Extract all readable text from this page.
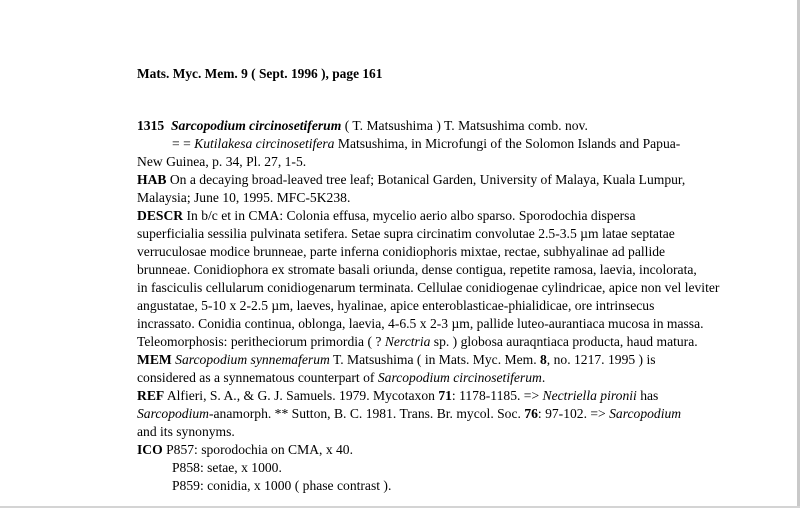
Mats. Myc. Mem. 9 ( Sept. 1996 ), page 161
1315 Sarcopodium circinosetiferum ( T. Matsushima ) T. Matsushima comb. nov.
= = Kutilakesa circinosetifera Matsushima, in Microfungi of the Solomon Islands and Papua-
New Guinea, p. 34, Pl. 27, 1-5.
HAB On a decaying broad-leaved tree leaf; Botanical Garden, University of Malaya, Kuala Lumpur,
Malaysia; June 10, 1995. MFC-5K238.
DESCR In b/c et in CMA: Colonia effusa, mycelio aerio albo sparso. Sporodochia dispersa
superficialia sessilia pulvinata setifera. Setae supra circinatim convolutae 2.5-3.5 µm latae septatae
verruculosae modice brunneae, parte inferna conidiophoris mixtae, rectae, subhyalinae ad pallide
brunneae. Conidiophora ex stromate basali oriunda, dense contigua, repetite ramosa, laevia, incolorata,
in fasciculis cellularum conidiogenarum terminata. Cellulae conidiogenae cylindricae, apice non vel leviter
angustatae, 5-10 x 2-2.5 µm, laeves, hyalinae, apice enteroblasticae-phialidicae, ore intrinsecus
incrassato. Conidia continua, oblonga, laevia, 4-6.5 x 2-3 µm, pallide luteo-aurantiaca mucosa in massa.
Teleomorphosis: peritheciorum primordia ( ? Nerctria sp. ) globosa auraqntiaca producta, haud matura.
MEM Sarcopodium synnemaferum T. Matsushima ( in Mats. Myc. Mem. 8, no. 1217. 1995 ) is
considered as a synnematous counterpart of Sarcopodium circinosetiferum.
REF Alfieri, S. A., & G. J. Samuels. 1979. Mycotaxon 71: 1178-1185. => Nectriella pironii has
Sarcopodium-anamorph. ** Sutton, B. C. 1981. Trans. Br. mycol. Soc. 76: 97-102. => Sarcopodium
and its synonyms.
ICO P857: sporodochia on CMA, x 40.
P858: setae, x 1000.
P859: conidia, x 1000 ( phase contrast ).
